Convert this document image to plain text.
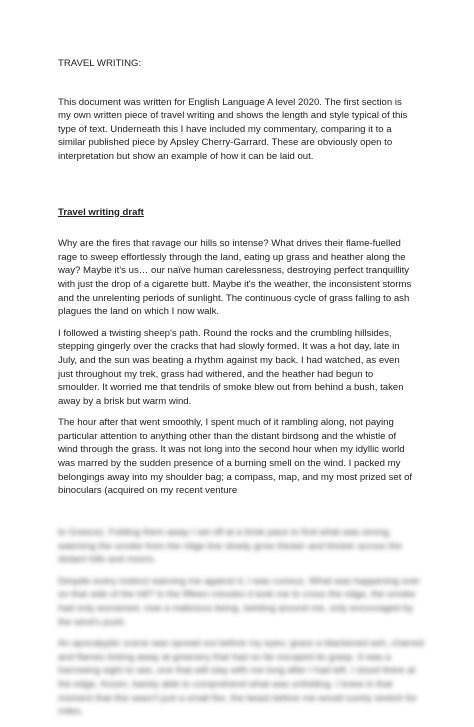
TRAVEL WRITING:

This document was written for English Language A level 2020. The first section is my own written piece of travel writing and shows the length and style typical of this type of text. Underneath this I have included my commentary, comparing it to a similar published piece by Apsley Cherry-Garrard. These are obviously open to interpretation but show an example of how it can be laid out.

Travel writing draft

Why are the fires that ravage our hills so intense? What drives their flame-fuelled rage to sweep effortlessly through the land, eating up grass and heather along the way? Maybe it's us… our naïve human carelessness, destroying perfect tranquillity with just the drop of a cigarette butt. Maybe it's the weather, the inconsistent storms and the unrelenting periods of sunlight. The continuous cycle of grass falling to ash plagues the land on which I now walk.

I followed a twisting sheep's path. Round the rocks and the crumbling hillsides, stepping gingerly over the cracks that had slowly formed. It was a hot day, late in July, and the sun was beating a rhythm against my back. I had watched, as even just throughout my trek, grass had withered, and the heather had begun to smoulder. It worried me that tendrils of smoke blew out from behind a bush, taken away by a brisk but warm wind.

The hour after that went smoothly, I spent much of it rambling along, not paying particular attention to anything other than the distant birdsong and the whistle of wind through the grass. It was not long into the second hour when my idyllic world was marred by the sudden presence of a burning smell on the wind. I packed my belongings away into my shoulder bag; a compass, map, and my most prized set of binoculars (acquired on my recent venture

to Greece). Folding them away I set off at a brisk pace to find what was wrong, watching the smoke from the ridge line slowly grow thicker and thicker across the distant hills and moors.

Despite every instinct warning me against it, I was curious. What was happening over on that side of the hill? Is the fifteen minutes it took me to cross the ridge, the smoke had only worsened, now a malicious being, twisting around me, only encouraged by the wind's push.

An apocalyptic scene was spread out before my eyes; grass a blackened ash, charred and flames licking away at greenery that had so far escaped its grasp. It was a harrowing sight to see, one that will stay with me long after I had left. I stood there at the edge, frozen, barely able to comprehend what was unfolding. I knew in that moment that this wasn't just a small fire, the beast before me would surely stretch for miles.
